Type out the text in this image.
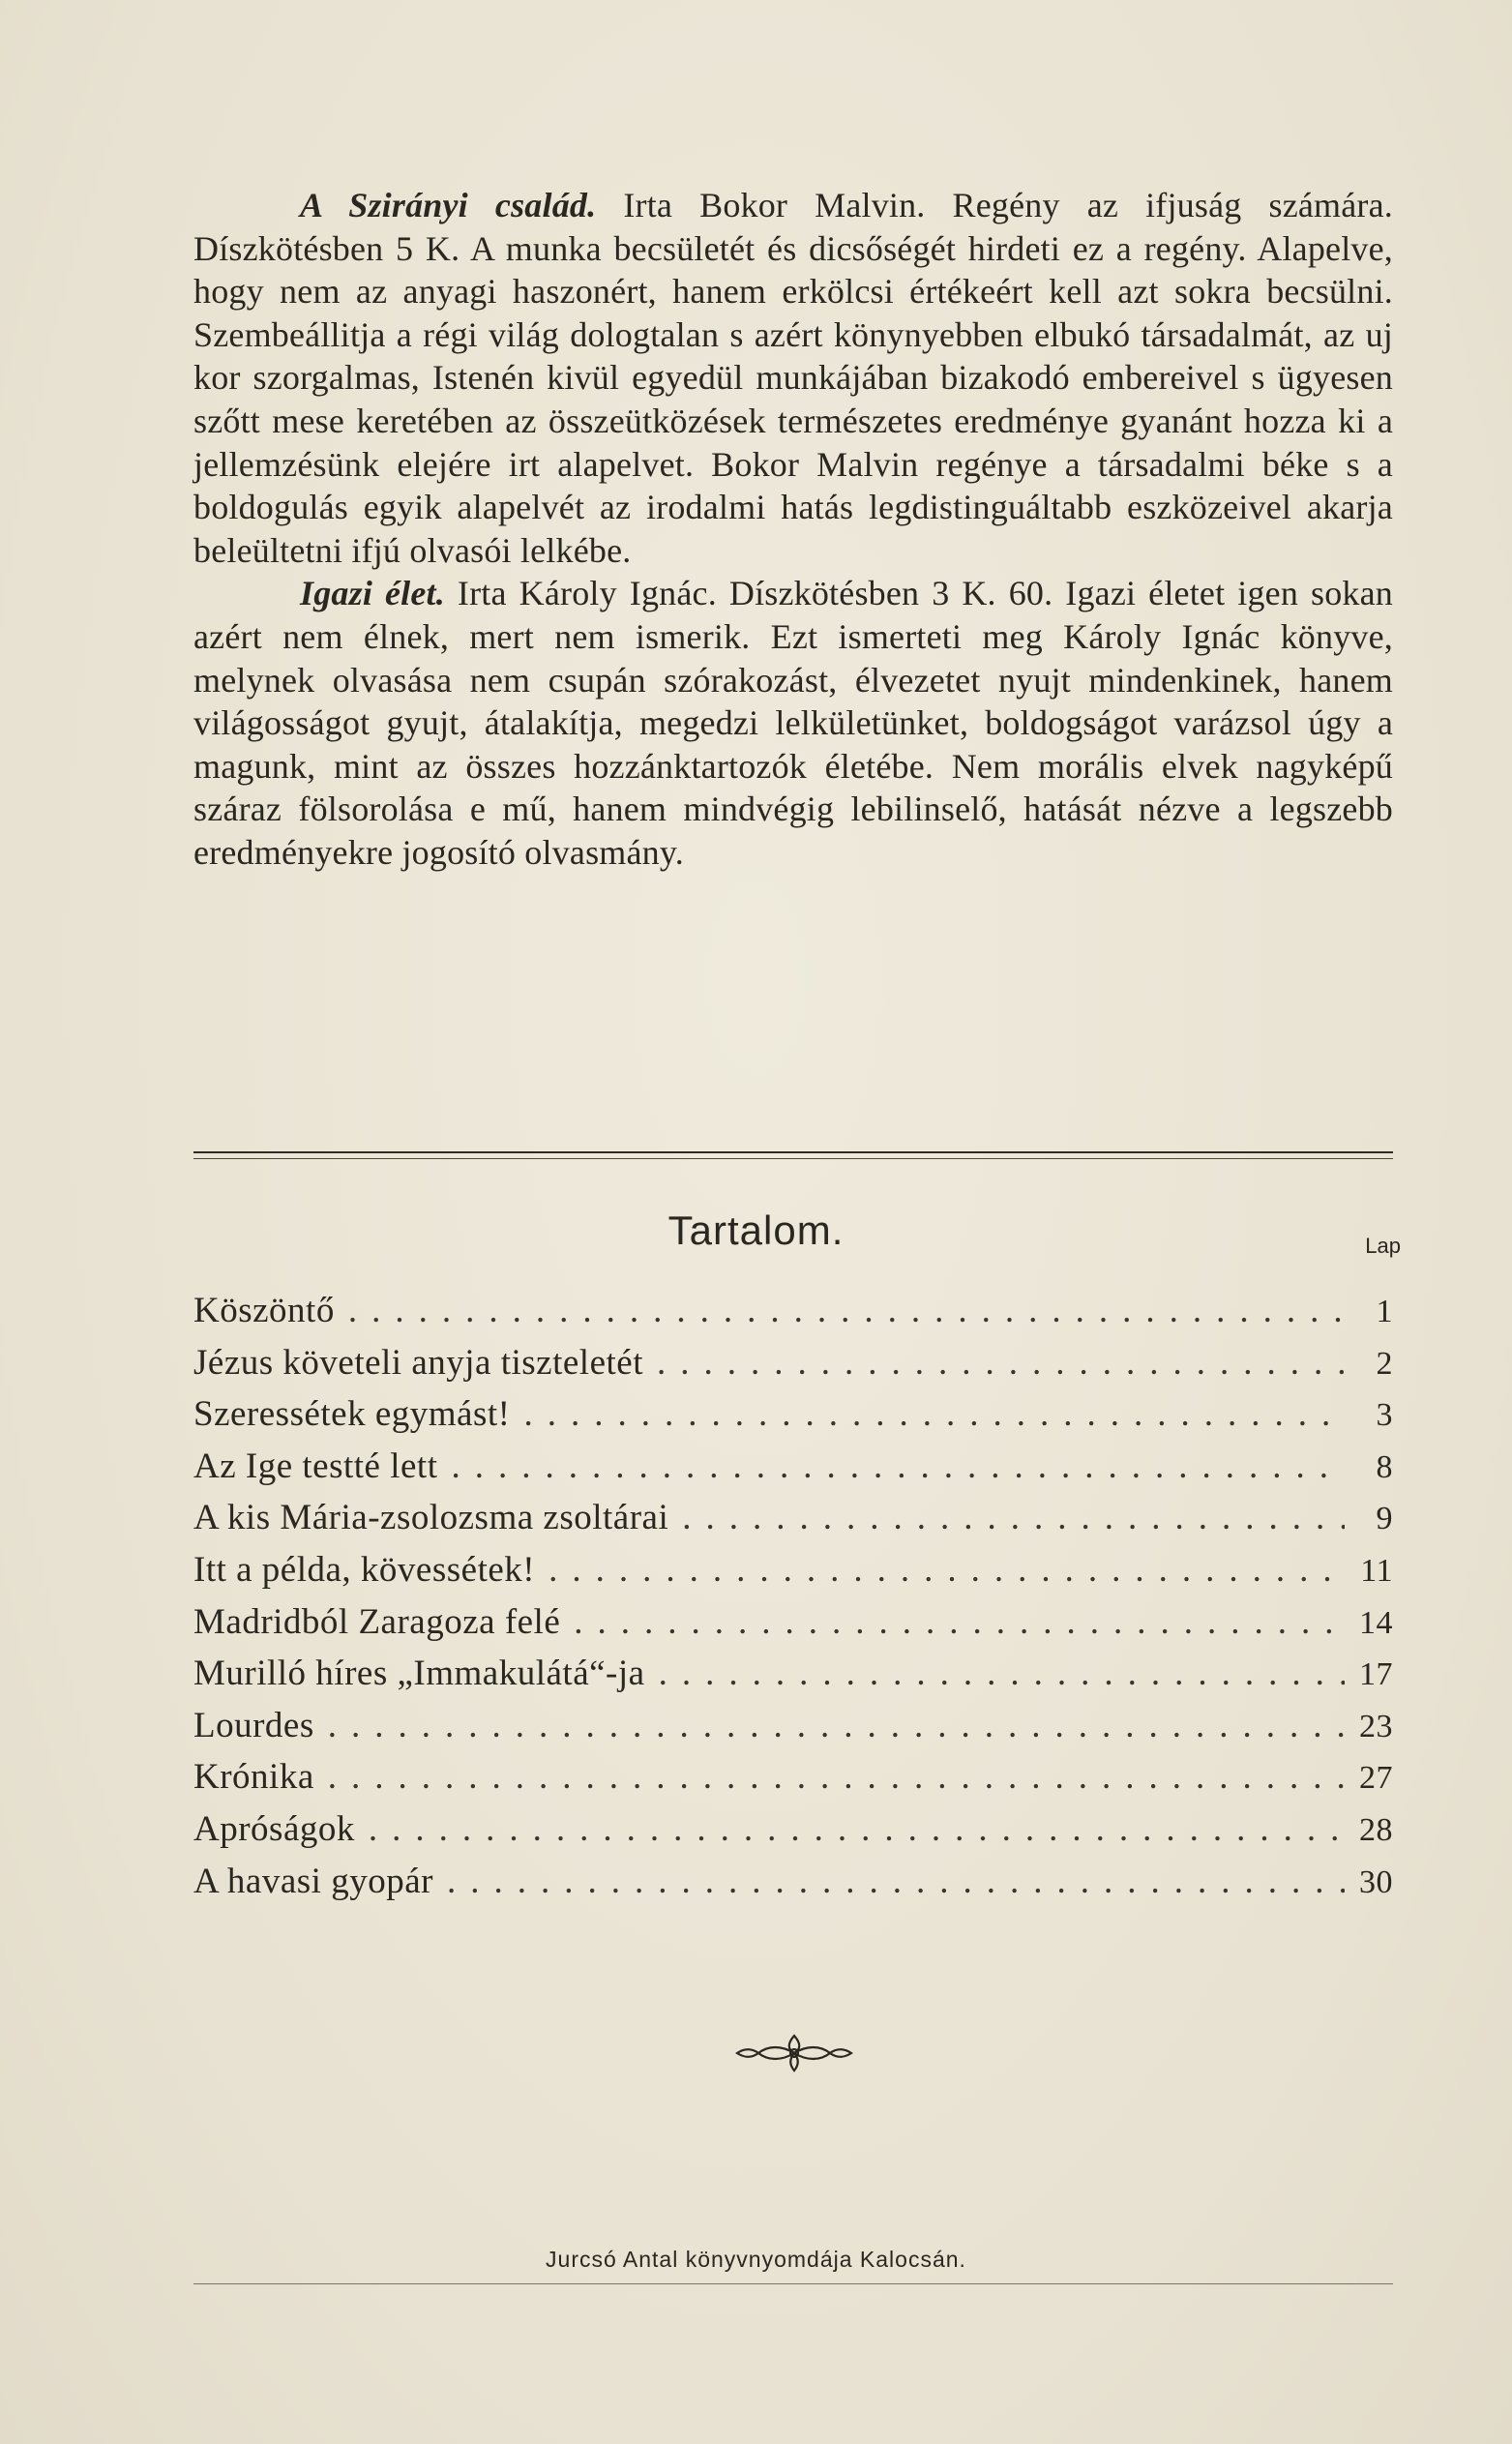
A Szirányi család. Irta Bokor Malvin. Regény az ifjuság számára. Díszkötésben 5 K. A munka becsületét és dicsőségét hirdeti ez a regény. Alapelve, hogy nem az anyagi haszonért, hanem erkölcsi értékeért kell azt sokra becsülni. Szembeállitja a régi világ dologtalan s azért könynyebben elbukó társadalmát, az uj kor szorgalmas, Istenén kivül egyedül munkájában bizakodó embereivel s ügyesen szőtt mese keretében az összeütközések természetes eredménye gyanánt hozza ki a jellemzésünk elejére irt alapelvet. Bokor Malvin regénye a társadalmi béke s a boldogulás egyik alapelvét az irodalmi hatás legdistinguáltabb eszközeivel akarja beleültetni ifjú olvasói lelkébe.

Igazi élet. Irta Károly Ignác. Díszkötésben 3 K. 60. Igazi életet igen sokan azért nem élnek, mert nem ismerik. Ezt ismerteti meg Károly Ignác könyve, melynek olvasása nem csupán szórakozást, élvezetet nyujt mindenkinek, hanem világosságot gyujt, átalakítja, megedzi lelkületünket, boldogságot varázsol úgy a magunk, mint az összes hozzánktartozók életébe. Nem morális elvek nagyképű száraz fölsorolása e mű, hanem mindvégig lebilinselő, hatását nézve a legszebb eredményekre jogosító olvasmány.

Tartalom.	Lap
Köszöntő .....	1
Jézus követeli anyja tiszteletét .....	2
Szeressétek egymást! .....	3
Az Ige testté lett .....	8
A kis Mária-zsolozsma zsoltárai .....	9
Itt a példa, kövessétek! .....	11
Madridból Zaragoza felé .....	14
Murilló híres „Immakulátá“-ja .....	17
Lourdes .....	23
Krónika .....	27
Apróságok .....	28
A havasi gyopár .....	30
Jurcsó Antal könyvnyomdája Kalocsán.
